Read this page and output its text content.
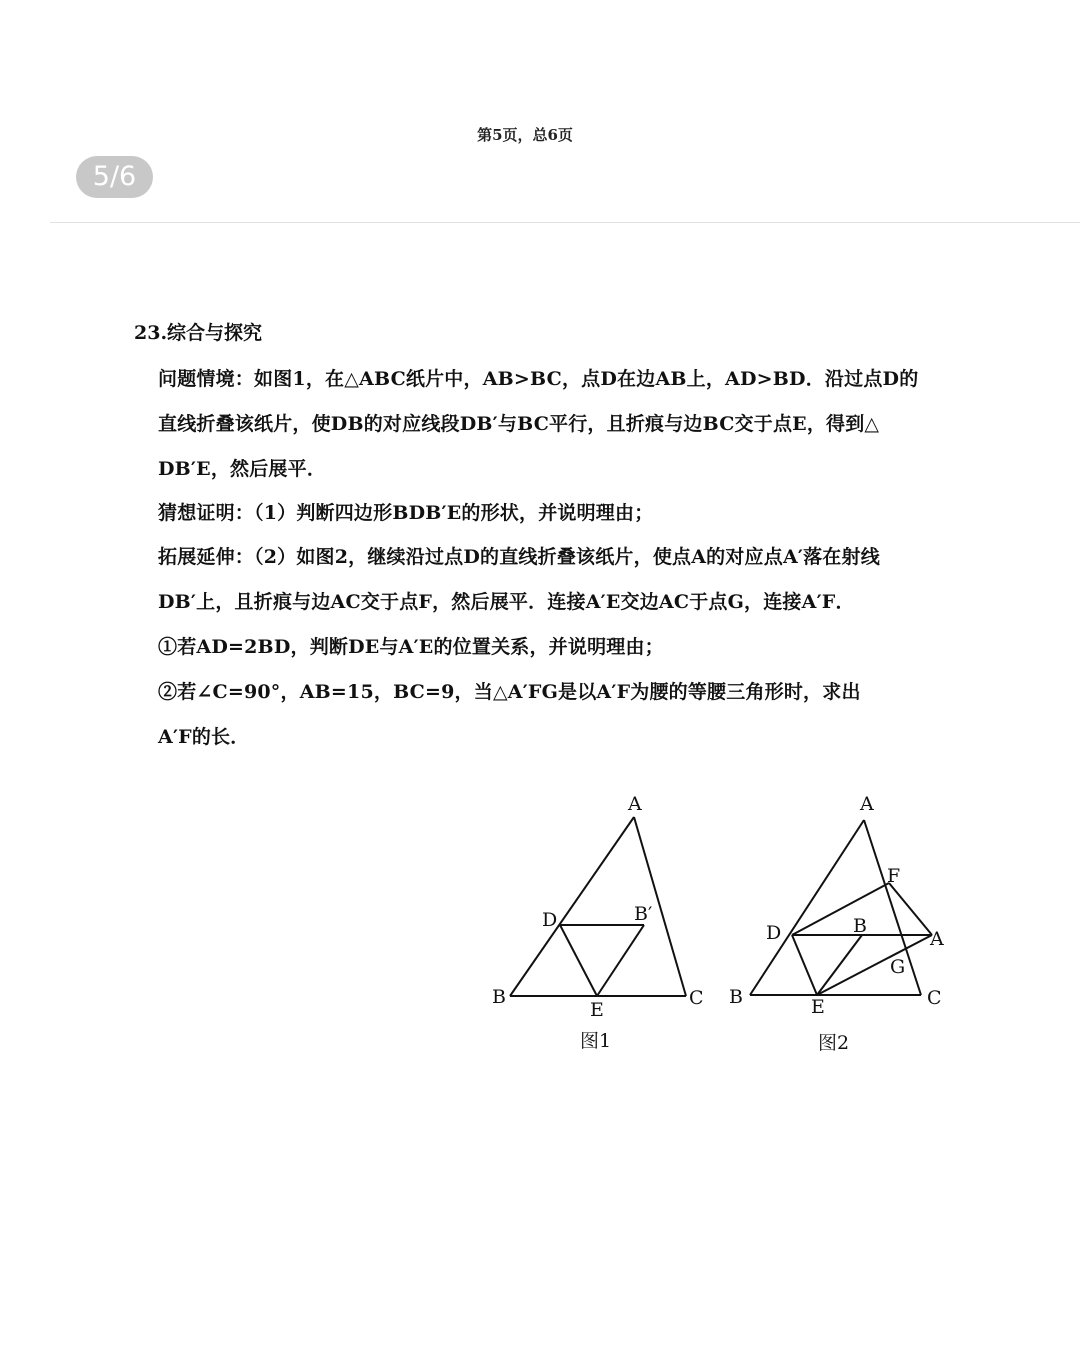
第5页，总6页
5/6
23.综合与探究
问题情境：如图1，在△ABC纸片中，AB>BC，点D在边AB上，AD>BD．沿过点D的
直线折叠该纸片，使DB的对应线段DB′与BC平行，且折痕与边BC交于点E，得到△
DB′E，然后展平．
猜想证明：（1）判断四边形BDB′E的形状，并说明理由；
拓展延伸：（2）如图2，继续沿过点D的直线折叠该纸片，使点A的对应点A′落在射线
DB′上，且折痕与边AC交于点F，然后展平．连接A′E交边AC于点G，连接A′F．
①若AD=2BD，判断DE与A′E的位置关系，并说明理由；
②若∠C=90°，AB=15，BC=9，当△A′FG是以A′F为腰的等腰三角形时，求出
A′F的长．
A
B	C
D	B′
E
A
B	C
D
E
F
G
B
A
图1	图2
